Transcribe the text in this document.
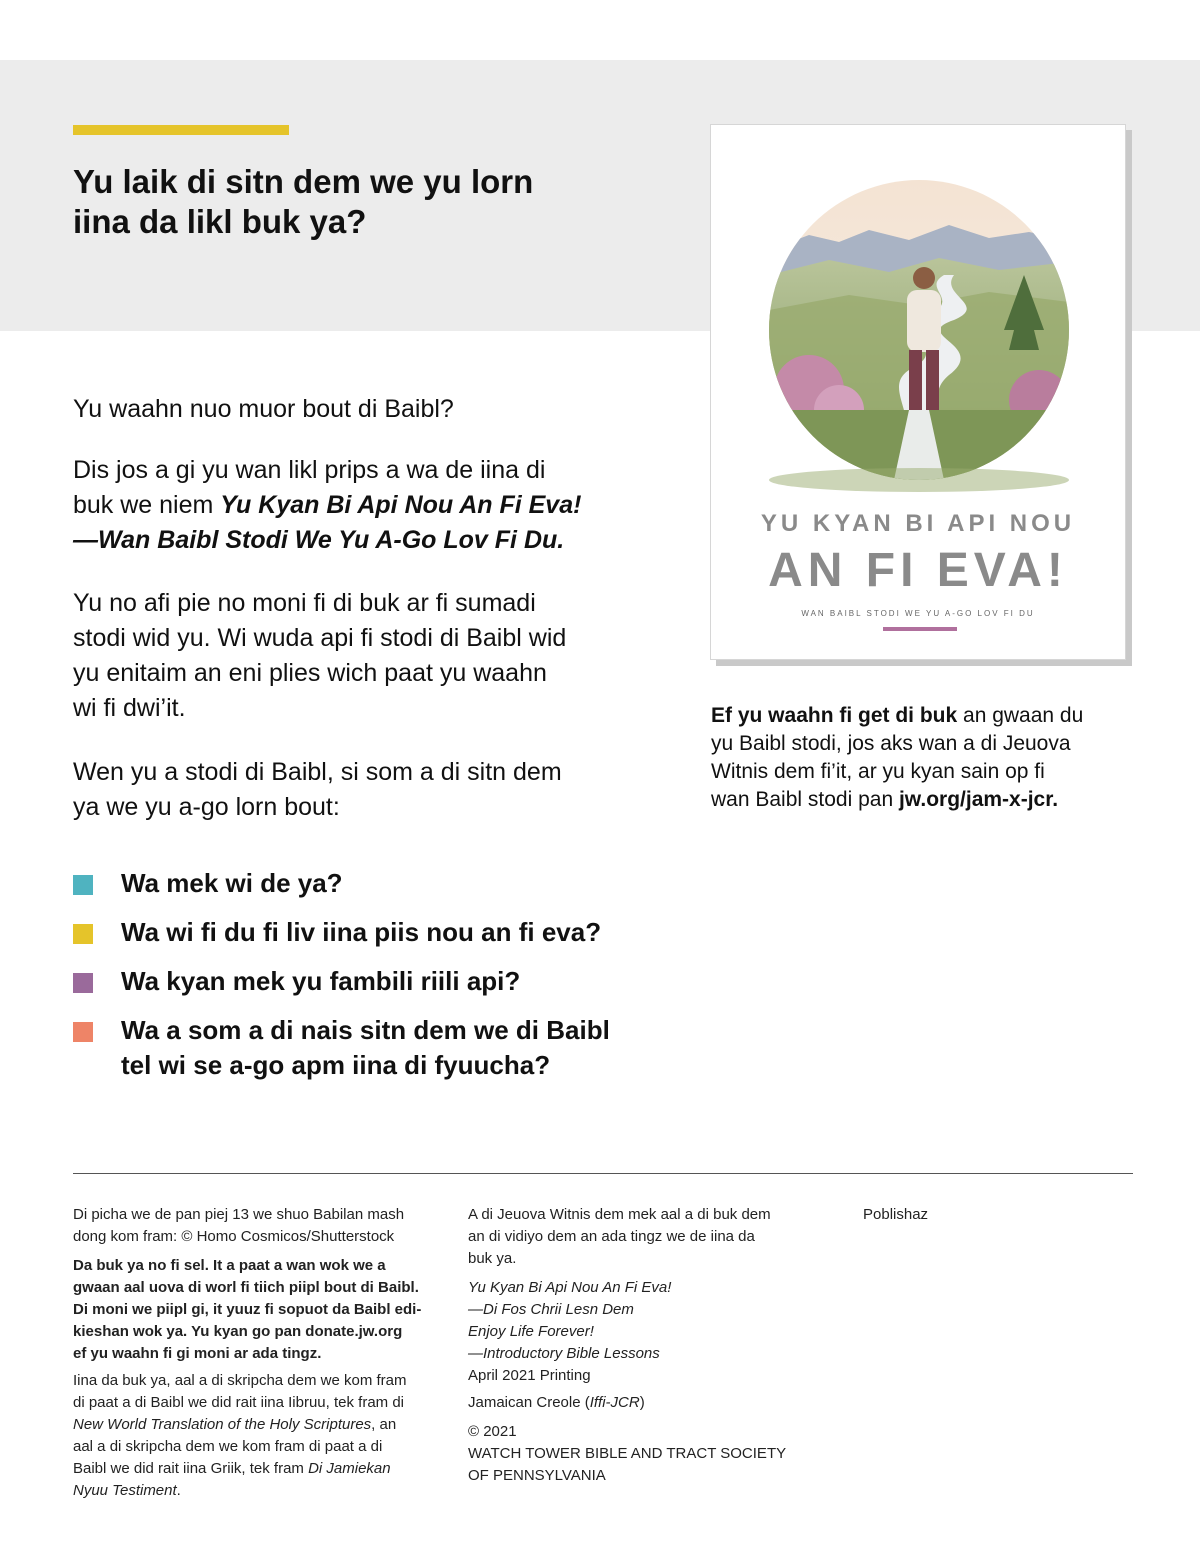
Yu laik di sitn dem we yu lorn
iina da likl buk ya?

Yu waahn nuo muor bout di Baibl?

Dis jos a gi yu wan likl prips a wa de iina di
buk we niem Yu Kyan Bi Api Nou An Fi Eva!
—Wan Baibl Stodi We Yu A-Go Lov Fi Du.

Yu no afi pie no moni fi di buk ar fi sumadi
stodi wid yu. Wi wuda api fi stodi di Baibl wid
yu enitaim an eni plies wich paat yu waahn
wi fi dwi’it.

Wen yu a stodi di Baibl, si som a di sitn dem
ya we yu a-go lorn bout:

Wa mek wi de ya?
Wa wi fi du fi liv iina piis nou an fi eva?
Wa kyan mek yu fambili riili api?
Wa a som a di nais sitn dem we di Baibl
tel wi se a-go apm iina di fyuucha?
YU KYAN BI API NOU
AN FI EVA!
WAN BAIBL STODI WE YU A-GO LOV FI DU

Ef yu waahn fi get di buk an gwaan du
yu Baibl stodi, jos aks wan a di Jeuova
Witnis dem fi’it, ar yu kyan sain op fi
wan Baibl stodi pan jw.org/jam-x-jcr.

Di picha we de pan piej 13 we shuo Babilan mash
dong kom fram: © Homo Cosmicos/Shutterstock
Da buk ya no fi sel. It a paat a wan wok we a
gwaan aal uova di worl fi tiich piipl bout di Baibl.
Di moni we piipl gi, it yuuz fi sopuot da Baibl edi-
kieshan wok ya. Yu kyan go pan donate.jw.org
ef yu waahn fi gi moni ar ada tingz.
Iina da buk ya, aal a di skripcha dem we kom fram
di paat a di Baibl we did rait iina Iibruu, tek fram di
New World Translation of the Holy Scriptures, an
aal a di skripcha dem we kom fram di paat a di
Baibl we did rait iina Griik, tek fram Di Jamiekan
Nyuu Testiment.
A di Jeuova Witnis dem mek aal a di buk dem
an di vidiyo dem an ada tingz we de iina da
buk ya.
Yu Kyan Bi Api Nou An Fi Eva!
—Di Fos Chrii Lesn Dem
Enjoy Life Forever!
—Introductory Bible Lessons
April 2021 Printing
Jamaican Creole (Iffi-JCR)
© 2021
WATCH TOWER BIBLE AND TRACT SOCIETY
OF PENNSYLVANIA
Poblishaz
